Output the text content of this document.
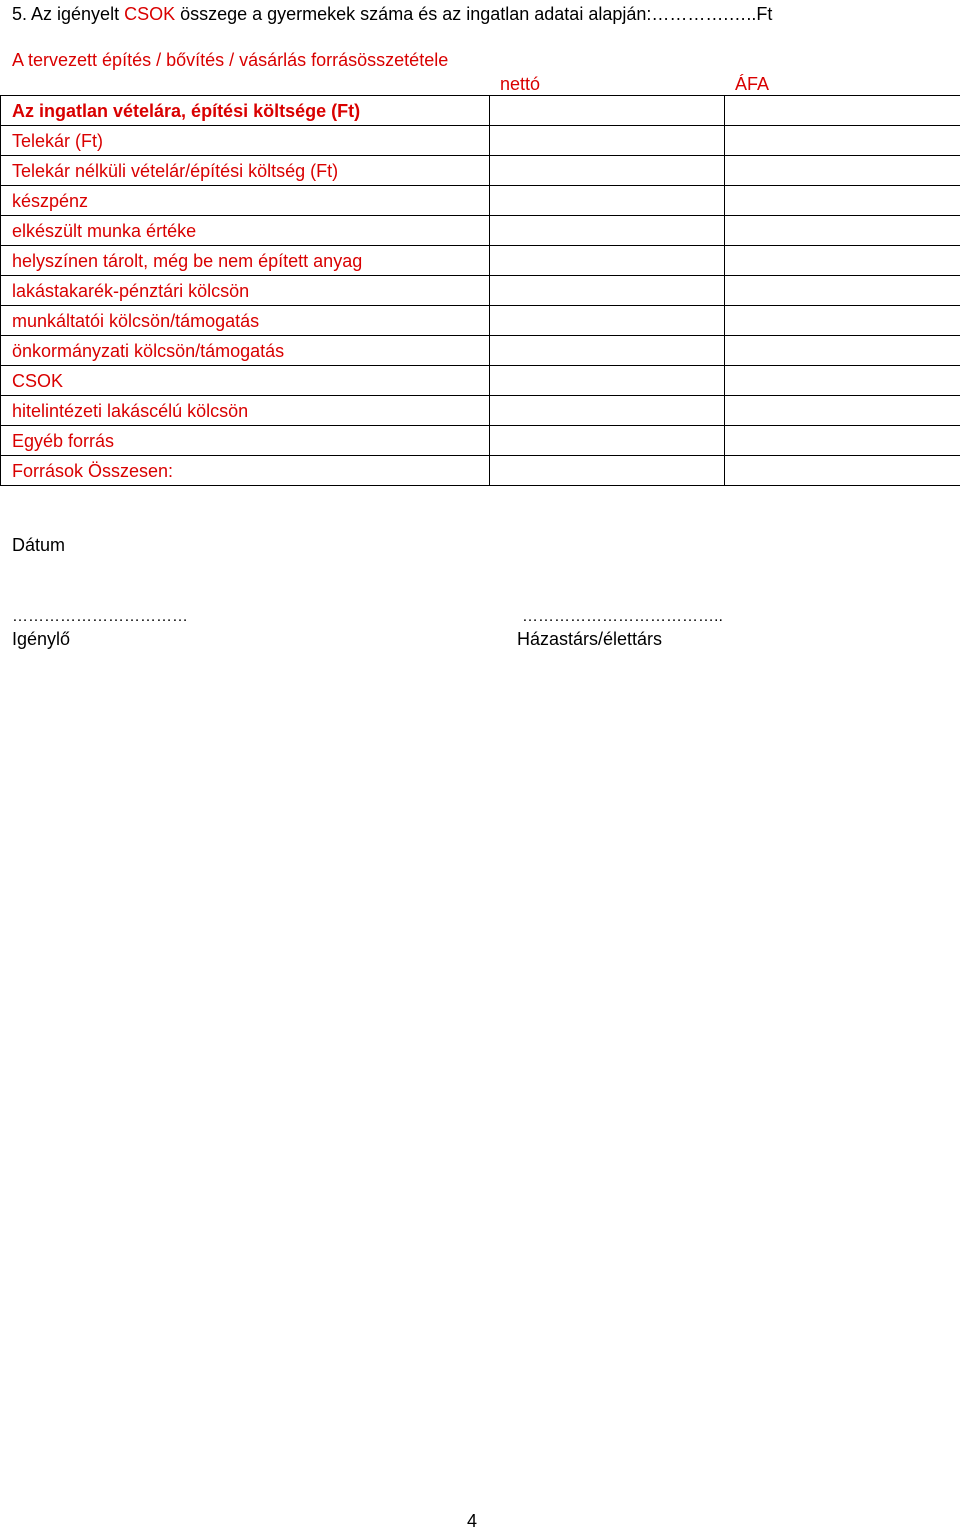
5. Az igényelt CSOK összege a gyermekek száma és az ingatlan adatai alapján:………….…..Ft
A tervezett építés / bővítés / vásárlás forrásösszetétele
nettó	ÁFA
Az ingatlan vételára, építési költsége (Ft)		
Telekár (Ft)		
Telekár nélküli vételár/építési költség (Ft)		
készpénz		
elkészült munka értéke		
helyszínen tárolt, még be nem épített anyag		
lakástakarék-pénztári kölcsön		
munkáltatói kölcsön/támogatás		
önkormányzati kölcsön/támogatás		
CSOK		
hitelintézeti lakáscélú kölcsön		
Egyéb forrás		
Források Összesen:		
Dátum
……………………………
Igénylő
………………………………..
Házastárs/élettárs
4
